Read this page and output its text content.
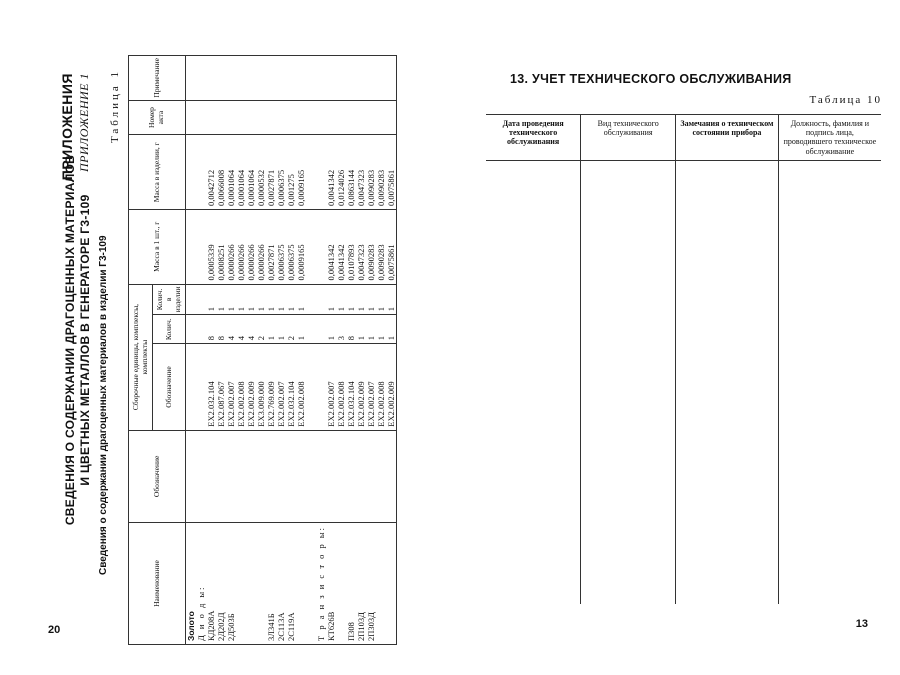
ПРИЛОЖЕНИЯ ПРИЛОЖЕНИЕ 1
СВЕДЕНИЯ О СОДЕРЖАНИИ ДРАГОЦЕННЫХ МАТЕРИАЛОВ И ЦВЕТНЫХ МЕТАЛЛОВ В ГЕНЕРАТОРЕ Г3-109 Сведения о содержании драгоценных материалов в изделии Г3-109
Таблица 1
Наименование	Обозначение	Сборочные единицы, комплексы, комплекты			Масса в 1 шт., г	Масса в изделии, г	Номер акта	Примечание
		Обозначение	Колич.	Колич. в изделии				
Золото								
Д и о д ы:								
КД208А		ЕХ2.032.104	8	1	0,0005339	0,0042712		
2Д202Д		ЕХ2.087.067	8	1	0,0008251	0,0066008		
2Д503Б		ЕХ2.002.007	4	1	0,0000266	0,0001064		
		ЕХ2.002.008	4	1	0,0000266	0,0001064		
		ЕХ2.002.009	4	1	0,0000266	0,0001064		
		ЕХ3.009.000	2	1	0,0000266	0,0000532		
3Л341Б		ЕХ2.769.009	1	1	0,0027871	0,0027871		
2С113А		ЕХ2.002.007	1	1	0,0006375	0,0006375		
2С119А		ЕХ2.032.104	2	1	0,0006375	0,001275		
		ЕХ2.002.008	1	1	0,0009165	0,0009165		

Т р а н з и с т о р ы:								
КТ626В		ЕХ2.002.007	1	1	0,0041342	0,0041342		
		ЕХ2.002.008	3	1	0,0041342	0,0124026		
П308		ЕХ2.032.104	8	1	0,0107893	0,0863144		
2П103Д		ЕХ2.002.009	1	1	0,0047323	0,0047323		
2П303Д		ЕХ2.002.007	1	1	0,0090283	0,0090283		
		ЕХ2.002.008	1	1	0,0090283	0,0090283		
		ЕХ2.002.009	1	1	0,0075861	0,0075861		

20
13. УЧЕТ ТЕХНИЧЕСКОГО ОБСЛУЖИВАНИЯ
Таблица 10
Дата проведения технического обслуживания	Вид технического обслуживания	Замечания о техническом состоянии прибора	Должность, фамилия и подпись лица, проводившего техническое обслуживание

13
